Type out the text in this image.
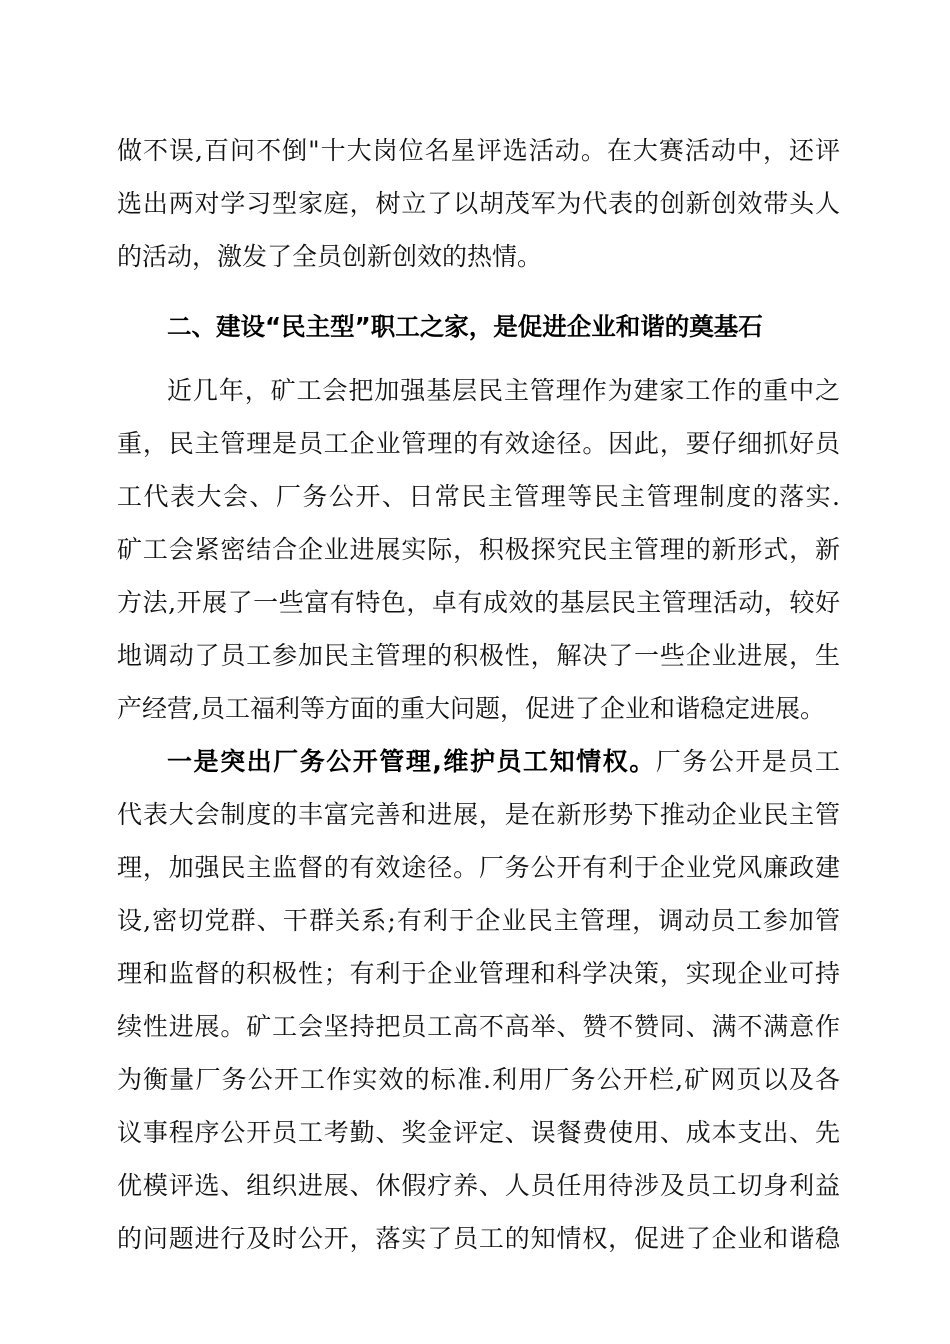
做不误,百问不倒"十大岗位名星评选活动。在大赛活动中，还评
选出两对学习型家庭，树立了以胡茂军为代表的创新创效带头人
的活动，激发了全员创新创效的热情。
二、建设“民主型”职工之家，是促进企业和谐的奠基石
近几年，矿工会把加强基层民主管理作为建家工作的重中之
重，民主管理是员工企业管理的有效途径。因此，要仔细抓好员
工代表大会、厂务公开、日常民主管理等民主管理制度的落实.
矿工会紧密结合企业进展实际，积极探究民主管理的新形式，新
方法,开展了一些富有特色，卓有成效的基层民主管理活动，较好
地调动了员工参加民主管理的积极性，解决了一些企业进展，生
产经营,员工福利等方面的重大问题，促进了企业和谐稳定进展。
一是突出厂务公开管理,维护员工知情权。厂务公开是员工
代表大会制度的丰富完善和进展，是在新形势下推动企业民主管
理，加强民主监督的有效途径。厂务公开有利于企业党风廉政建
设,密切党群、干群关系;有利于企业民主管理，调动员工参加管
理和监督的积极性；有利于企业管理和科学决策，实现企业可持
续性进展。矿工会坚持把员工高不高举、赞不赞同、满不满意作
为衡量厂务公开工作实效的标准.利用厂务公开栏,矿网页以及各
议事程序公开员工考勤、奖金评定、误餐费使用、成本支出、先
优模评选、组织进展、休假疗养、人员任用待涉及员工切身利益
的问题进行及时公开，落实了员工的知情权，促进了企业和谐稳
